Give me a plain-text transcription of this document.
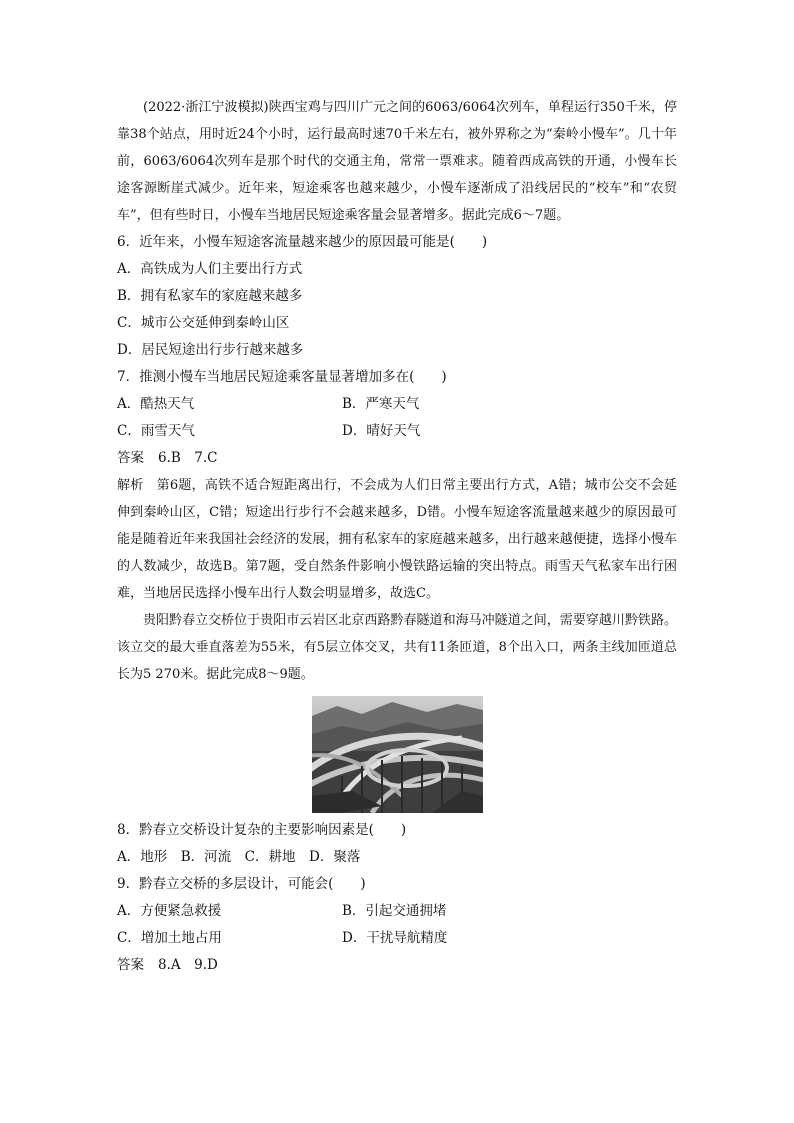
(2022·浙江宁波模拟)陕西宝鸡与四川广元之间的6063/6064次列车，单程运行350千米，停靠38个站点，用时近24个小时，运行最高时速70千米左右，被外界称之为“秦岭小慢车”。几十年前，6063/6064次列车是那个时代的交通主角，常常一票难求。随着西成高铁的开通，小慢车长途客源断崖式减少。近年来，短途乘客也越来越少，小慢车逐渐成了沿线居民的“校车”和“农贸车”，但有些时日，小慢车当地居民短途乘客量会显著增多。据此完成6～7题。

6．近年来，小慢车短途客流量越来越少的原因最可能是(　　)

A．高铁成为人们主要出行方式

B．拥有私家车的家庭越来越多

C．城市公交延伸到秦岭山区

D．居民短途出行步行越来越多

7．推测小慢车当地居民短途乘客量显著增加多在(　　)

A．酷热天气	B．严寒天气

C．雨雪天气	D．晴好天气

答案 6.B　7.C

解析　第6题，高铁不适合短距离出行，不会成为人们日常主要出行方式，A错；城市公交不会延伸到秦岭山区，C错；短途出行步行不会越来越多，D错。小慢车短途客流量越来越少的原因最可能是随着近年来我国社会经济的发展，拥有私家车的家庭越来越多，出行越来越便捷，选择小慢车的人数减少，故选B。第7题，受自然条件影响小慢铁路运输的突出特点。雨雪天气私家车出行困难，当地居民选择小慢车出行人数会明显增多，故选C。

贵阳黔春立交桥位于贵阳市云岩区北京西路黔春隧道和海马冲隧道之间，需要穿越川黔铁路。该立交的最大垂直落差为55米，有5层立体交叉，共有11条匝道，8个出入口，两条主线加匝道总长为5 270米。据此完成8～9题。

8．黔春立交桥设计复杂的主要影响因素是(　　)

A．地形　B．河流　C．耕地　D．聚落

9．黔春立交桥的多层设计，可能会(　　)

A．方便紧急救援	B．引起交通拥堵

C．增加土地占用	D．干扰导航精度

答案 8.A　9.D
